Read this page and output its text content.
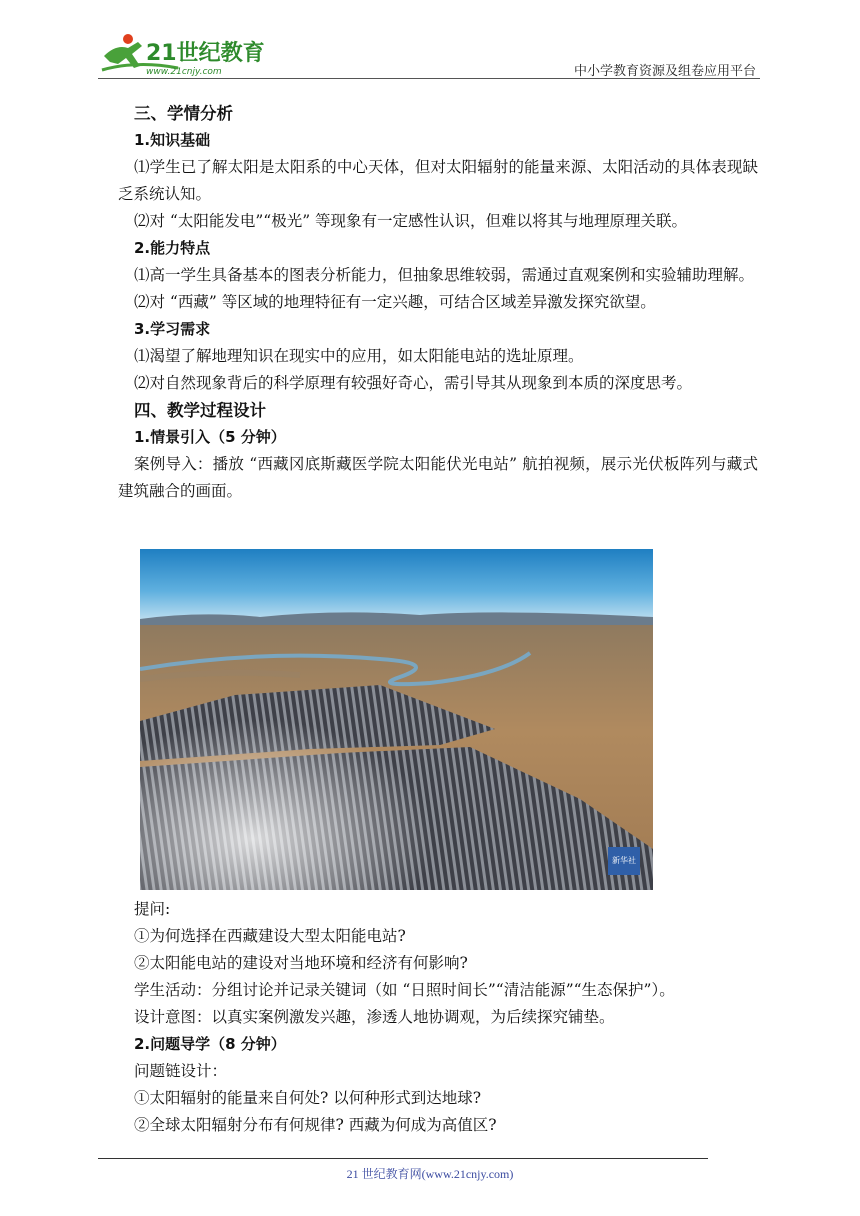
21世纪教育
www.21cnjy.com	中小学教育资源及组卷应用平台

三、学情分析

1.知识基础

⑴学生已了解太阳是太阳系的中心天体，但对太阳辐射的能量来源、太阳活动的具体表现缺乏系统认知。

⑵对 “太阳能发电”“极光” 等现象有一定感性认识，但难以将其与地理原理关联。

2.能力特点

⑴高一学生具备基本的图表分析能力，但抽象思维较弱，需通过直观案例和实验辅助理解。

⑵对 “西藏” 等区域的地理特征有一定兴趣，可结合区域差异激发探究欲望。

3.学习需求

⑴渴望了解地理知识在现实中的应用，如太阳能电站的选址原理。

⑵对自然现象背后的科学原理有较强好奇心，需引导其从现象到本质的深度思考。

四、教学过程设计

1.情景引入（5 分钟）

案例导入：播放 “西藏冈底斯藏医学院太阳能伏光电站” 航拍视频，展示光伏板阵列与藏式建筑融合的画面。

新华社

提问:

①为何选择在西藏建设大型太阳能电站?

②太阳能电站的建设对当地环境和经济有何影响?

学生活动：分组讨论并记录关键词（如 “日照时间长”“清洁能源”“生态保护”）。

设计意图：以真实案例激发兴趣，渗透人地协调观，为后续探究铺垫。

2.问题导学（8 分钟）

问题链设计：

①太阳辐射的能量来自何处? 以何种形式到达地球?

②全球太阳辐射分布有何规律? 西藏为何成为高值区?

21 世纪教育网(www.21cnjy.com)
